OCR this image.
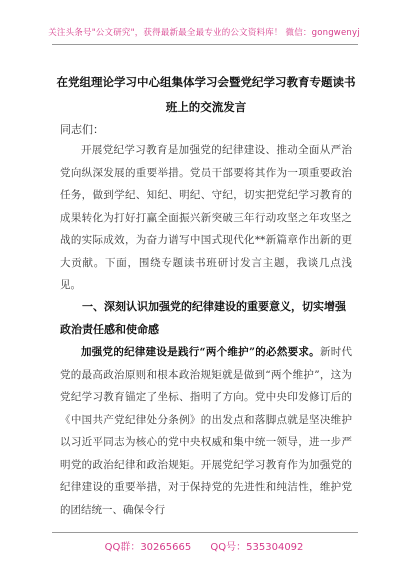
关注头条号"公文研究"，获得最新最全最专业的公文资料库！ 微信：gongwenyj
在党组理论学习中心组集体学习会暨党纪学习教育专题读书班上的交流发言
同志们：

开展党纪学习教育是加强党的纪律建设、推动全面从严治党向纵深发展的重要举措。党员干部要将其作为一项重要政治任务，做到学纪、知纪、明纪、守纪，切实把党纪学习教育的成果转化为打好打赢全面振兴新突破三年行动攻坚之年攻坚之战的实际成效，为奋力谱写中国式现代化**新篇章作出新的更大贡献。下面，围绕专题读书班研讨发言主题，我谈几点浅见。

一、深刻认识加强党的纪律建设的重要意义，切实增强政治责任感和使命感

加强党的纪律建设是践行“两个维护”的必然要求。新时代党的最高政治原则和根本政治规矩就是做到“两个维护”，这为党纪学习教育锚定了坐标、指明了方向。党中央印发修订后的《中国共产党纪律处分条例》的出发点和落脚点就是坚决维护以习近平同志为核心的党中央权威和集中统一领导，进一步严明党的政治纪律和政治规矩。开展党纪学习教育作为加强党的纪律建设的重要举措，对于保持党的先进性和纯洁性，维护党的团结统一、确保令行

QQ群：30265665 QQ号：535304092
